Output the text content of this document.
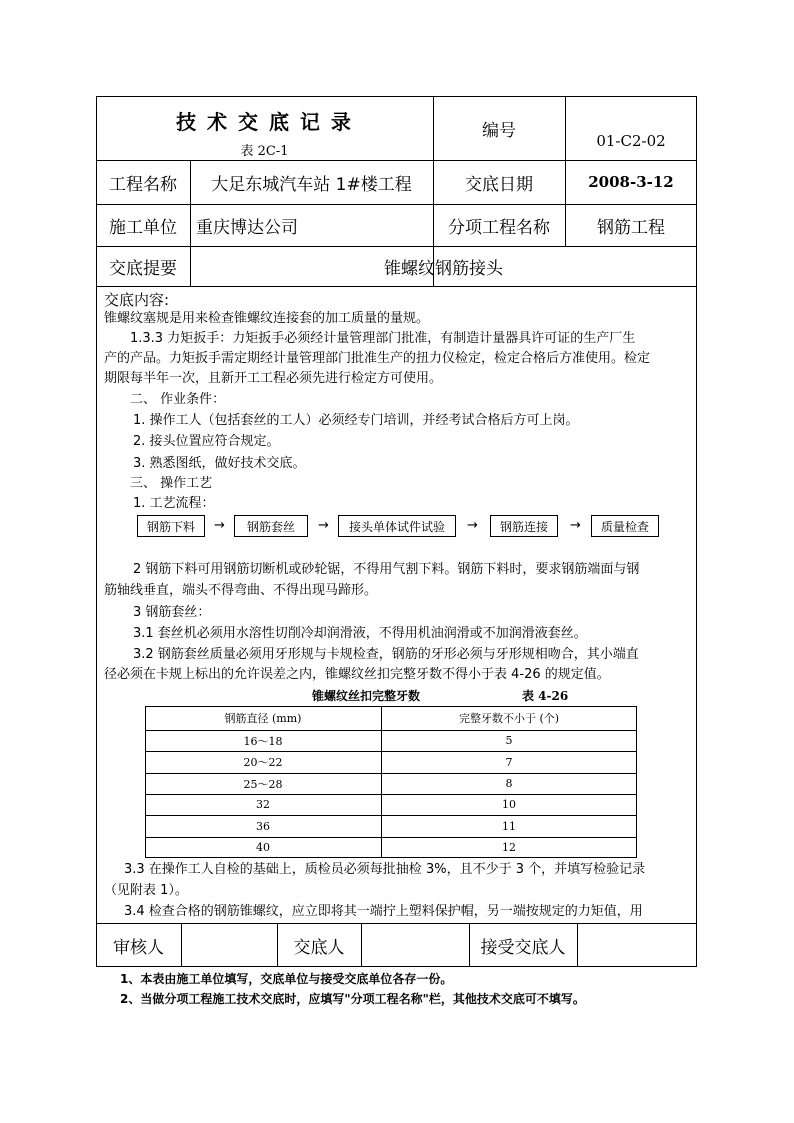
技 术 交 底 记 录
表 2C-1
编号
01-C2-02
工程名称	大足东城汽车站 1#楼工程	交底日期	2008-3-12
施工单位	重庆博达公司	分项工程名称	钢筋工程
交底提要	锥螺纹钢筋接头
交底内容:
锥螺纹塞规是用来检查锥螺纹连接套的加工质量的量规。
1.3.3 力矩扳手：力矩扳手必须经计量管理部门批准，有制造计量器具许可证的生产厂生
产的产品。力矩扳手需定期经计量管理部门批准生产的扭力仪检定，检定合格后方准使用。检定
期限每半年一次，且新开工工程必须先进行检定方可使用。
二、 作业条件：
1. 操作工人（包括套丝的工人）必须经专门培训，并经考试合格后方可上岗。
2. 接头位置应符合规定。
3. 熟悉图纸，做好技术交底。
三、 操作工艺
1. 工艺流程：
钢筋下料	→	钢筋套丝	→	接头单体试件试验	→	钢筋连接	→	质量检查
2 钢筋下料可用钢筋切断机或砂轮锯，不得用气割下料。钢筋下料时，要求钢筋端面与钢
筋轴线垂直，端头不得弯曲、不得出现马蹄形。
3 钢筋套丝：
3.1 套丝机必须用水溶性切削冷却润滑液，不得用机油润滑或不加润滑液套丝。
3.2 钢筋套丝质量必须用牙形规与卡规检查，钢筋的牙形必须与牙形规相吻合，其小端直
径必须在卡规上标出的允许误差之内，锥螺纹丝扣完整牙数不得小于表 4-26 的规定值。
锥螺纹丝扣完整牙数	表 4-26
钢筋直径 (mm)	完整牙数不小于 (个)
16～18	5
20～22	7
25～28	8
32	10
36	11
40	12
3.3 在操作工人自检的基础上，质检员必须每批抽检 3%，且不少于 3 个，并填写检验记录
（见附表 1）。
3.4 检查合格的钢筋锥螺纹，应立即将其一端拧上塑料保护帽，另一端按规定的力矩值，用
审核人	交底人	接受交底人
1、本表由施工单位填写，交底单位与接受交底单位各存一份。
2、当做分项工程施工技术交底时，应填写"分项工程名称"栏，其他技术交底可不填写。
